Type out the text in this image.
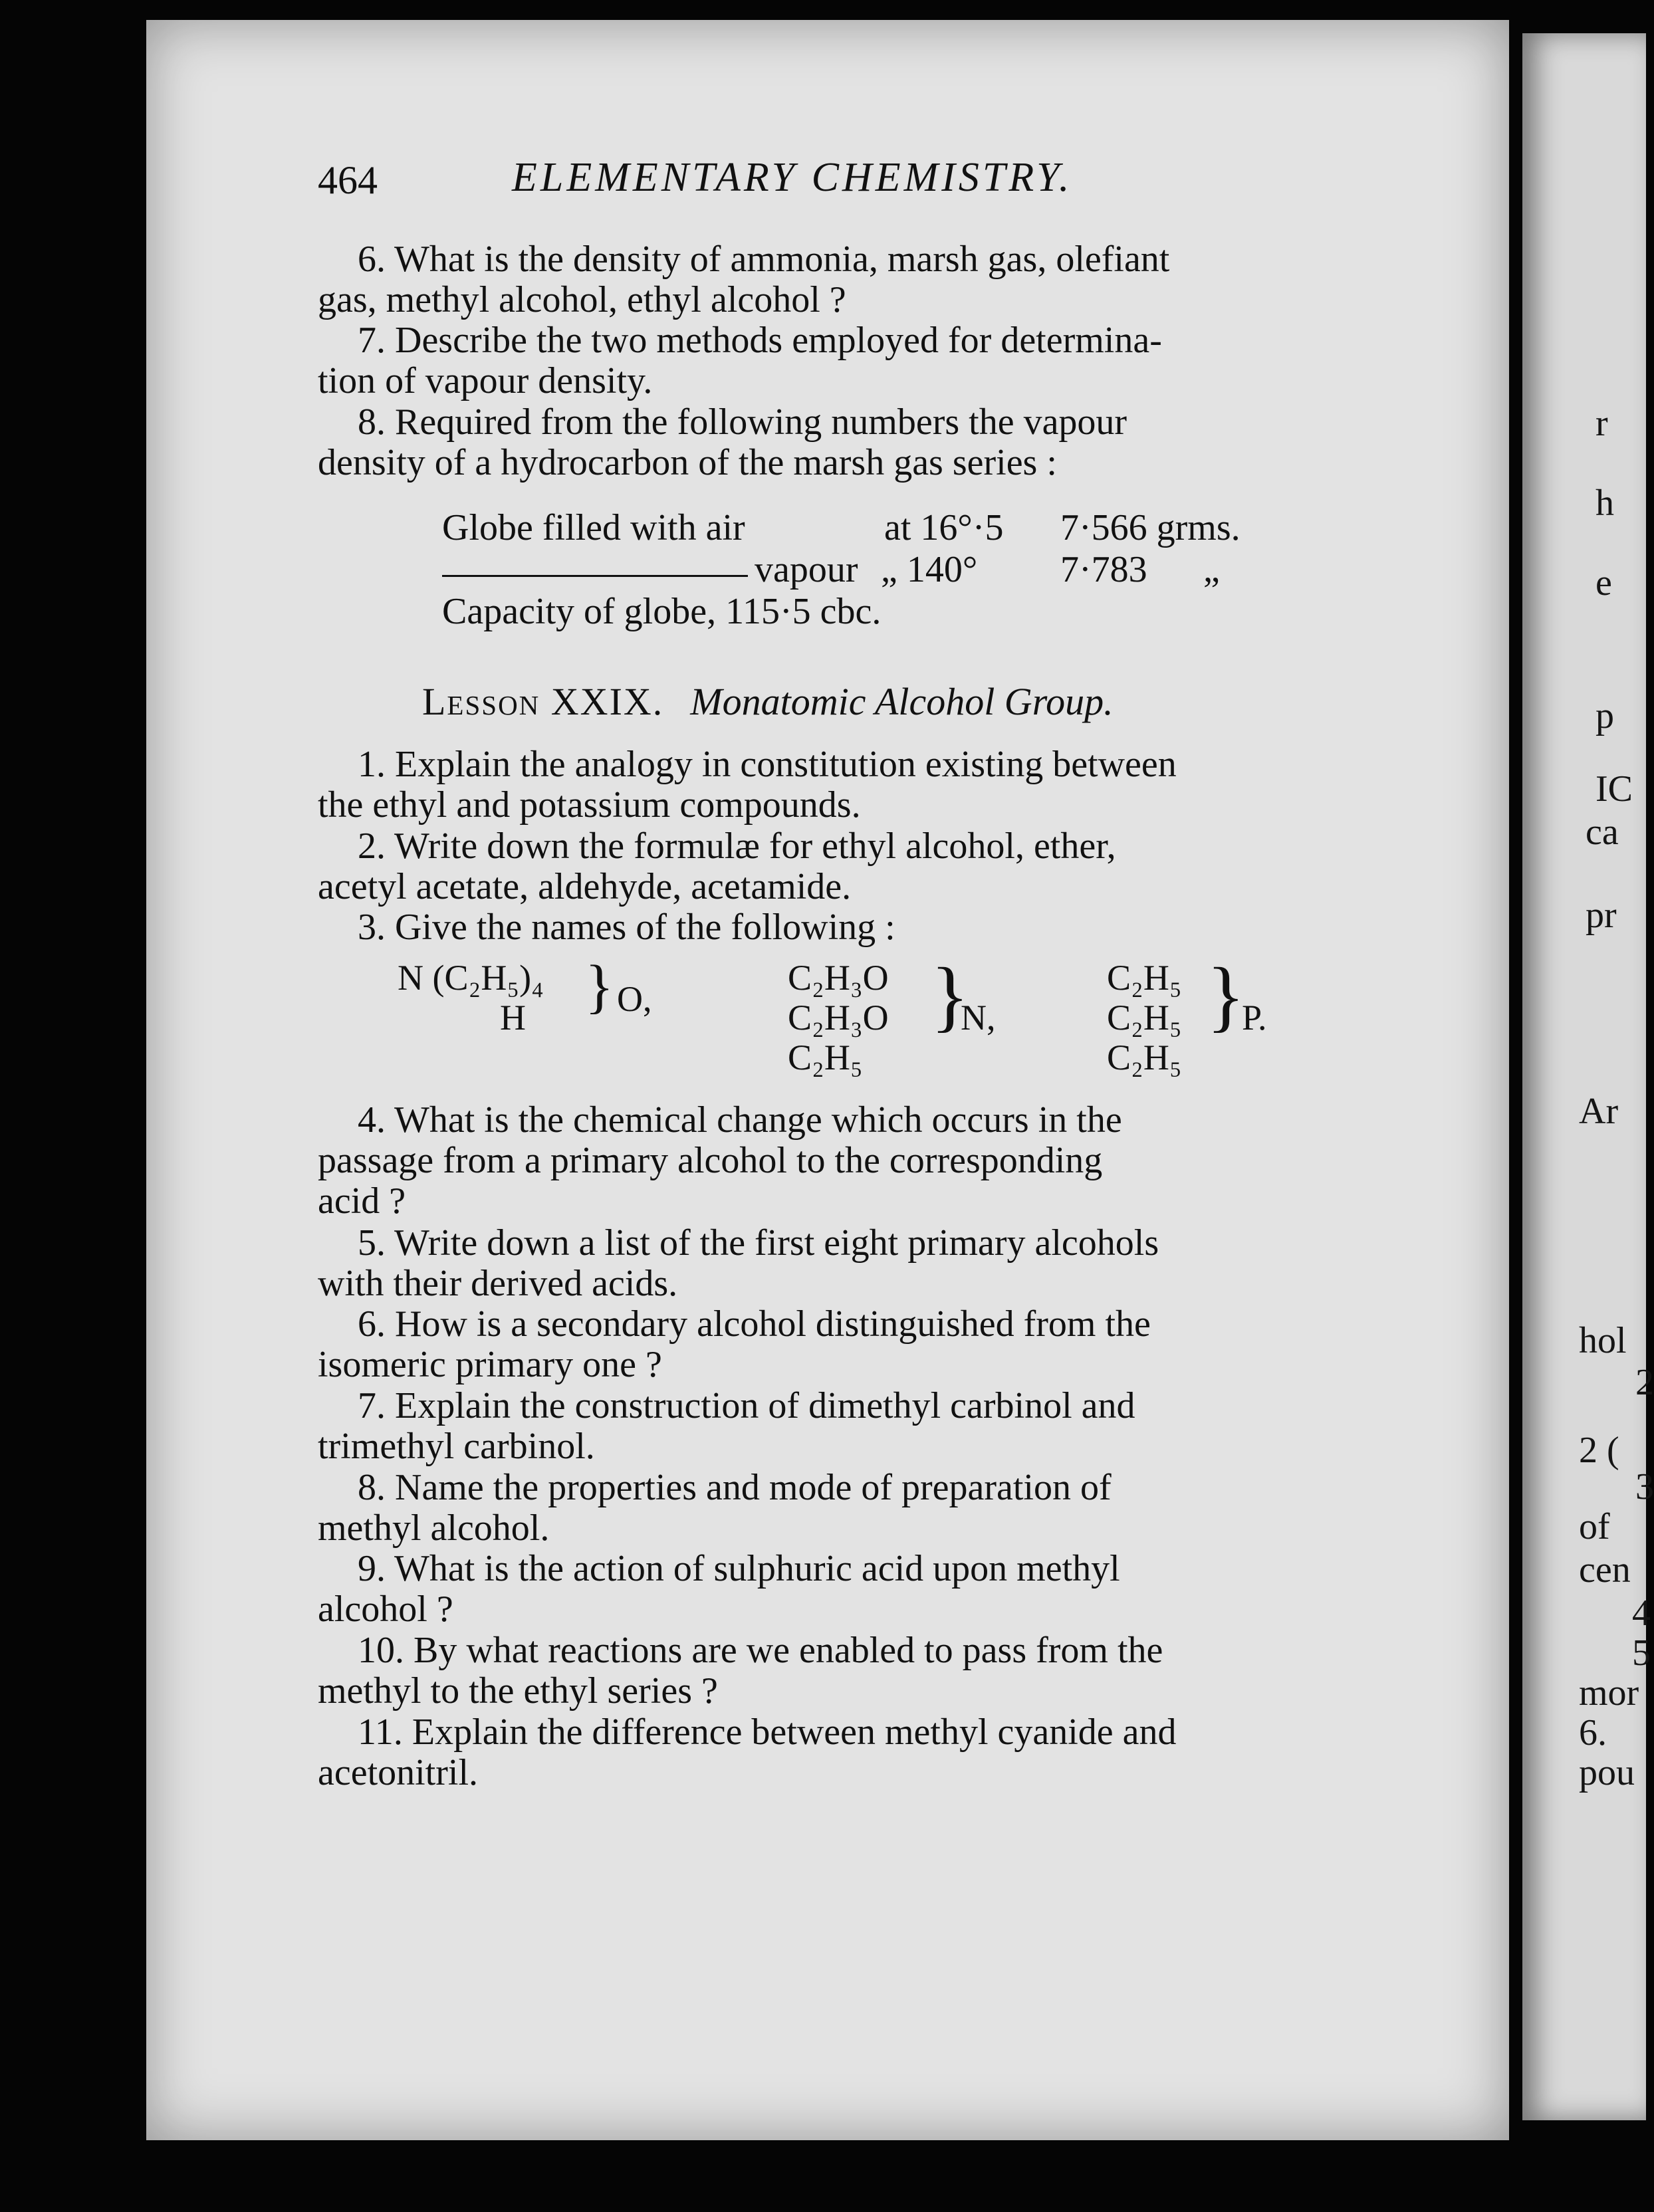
464	ELEMENTARY CHEMISTRY.
6. What is the density of ammonia, marsh gas, olefiant
gas, methyl alcohol, ethyl alcohol ?
7. Describe the two methods employed for determina-
tion of vapour density.
8. Required from the following numbers the vapour
density of a hydrocarbon of the marsh gas series :
Globe filled with air	at 16°·5 7·566 grms.
vapour „ 140° 7·783 „
Capacity of globe, 115·5 cbc.
Lesson XXIX. Monatomic Alcohol Group.
1. Explain the analogy in constitution existing between
the ethyl and potassium compounds.
2. Write down the formulæ for ethyl alcohol, ether,
acetyl acetate, aldehyde, acetamide.
3. Give the names of the following :
N (C₂H₅)₄
H } O,
C₂H₃O
C₂H₃O
C₂H₅
}
N,
C₂H₅
C₂H₅
C₂H₅
}
P.
4. What is the chemical change which occurs in the
passage from a primary alcohol to the corresponding
acid ?
5. Write down a list of the first eight primary alcohols
with their derived acids.
6. How is a secondary alcohol distinguished from the
isomeric primary one ?
7. Explain the construction of dimethyl carbinol and
trimethyl carbinol.
8. Name the properties and mode of preparation of
methyl alcohol.
9. What is the action of sulphuric acid upon methyl
alcohol ?
10. By what reactions are we enabled to pass from the
methyl to the ethyl series ?
11. Explain the difference between methyl cyanide and
acetonitril.
r
h
e
p
IC
ca
pr
Ar
hol
2
2 (
3
of
cen
4
5
mor
6.
pou
